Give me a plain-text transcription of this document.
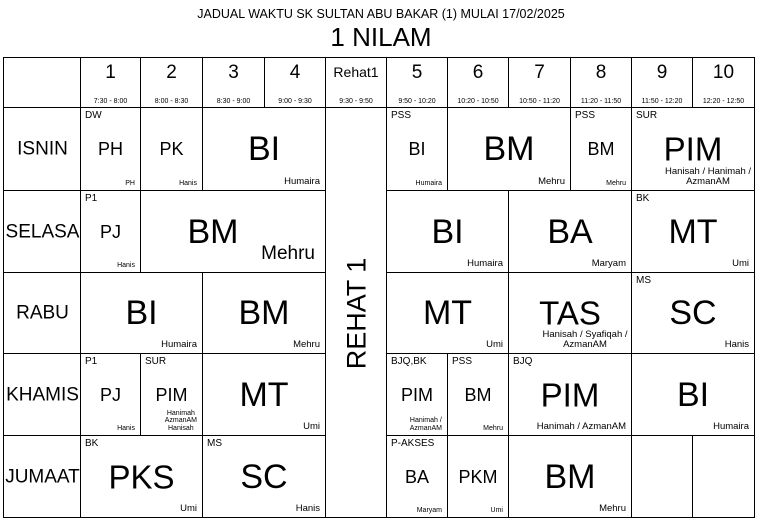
JADUAL WAKTU SK SULTAN ABU BAKAR (1) MULAI 17/02/2025
1 NILAM
1
7:30 - 8:00
2
8:00 - 8:30
3
8:30 - 9:00
4
9:00 - 9:30
Rehat1
9:30 - 9:50
5
9:50 - 10:20
6
10:20 - 10:50
7
10:50 - 11:20
8
11:20 - 11:50
9
11:50 - 12:20
10
12:20 - 12:50
ISNIN
SELASA
RABU
KHAMIS
JUMAAT
DW
PH
PH
PK
Hanis
BI
Humaira
PSS
BI
Humaira
BM
Mehru
PSS
BM
Mehru
SUR
PIM
Hanisah / Hanimah /
AzmanAM
P1
PJ
Hanis
BM
Mehru
BI
Humaira
BA
Maryam
BK
MT
Umi
BI
Humaira
BM
Mehru
MT
Umi
TAS
Hanisah / Syafiqah /
AzmanAM
MS
SC
Hanis
P1
PJ
Hanis
SUR
PIM
Hanimah
AzmanAM
Hanisah
MT
Umi
BJQ,BK
PIM
Hanimah /
AzmanAM
PSS
BM
Mehru
BJQ
PIM
Hanimah / AzmanAM
BI
Humaira
BK
PKS
Umi
MS
SC
Hanis
P-AKSES
BA
Maryam
PKM
Umi
BM
Mehru
REHAT 1
